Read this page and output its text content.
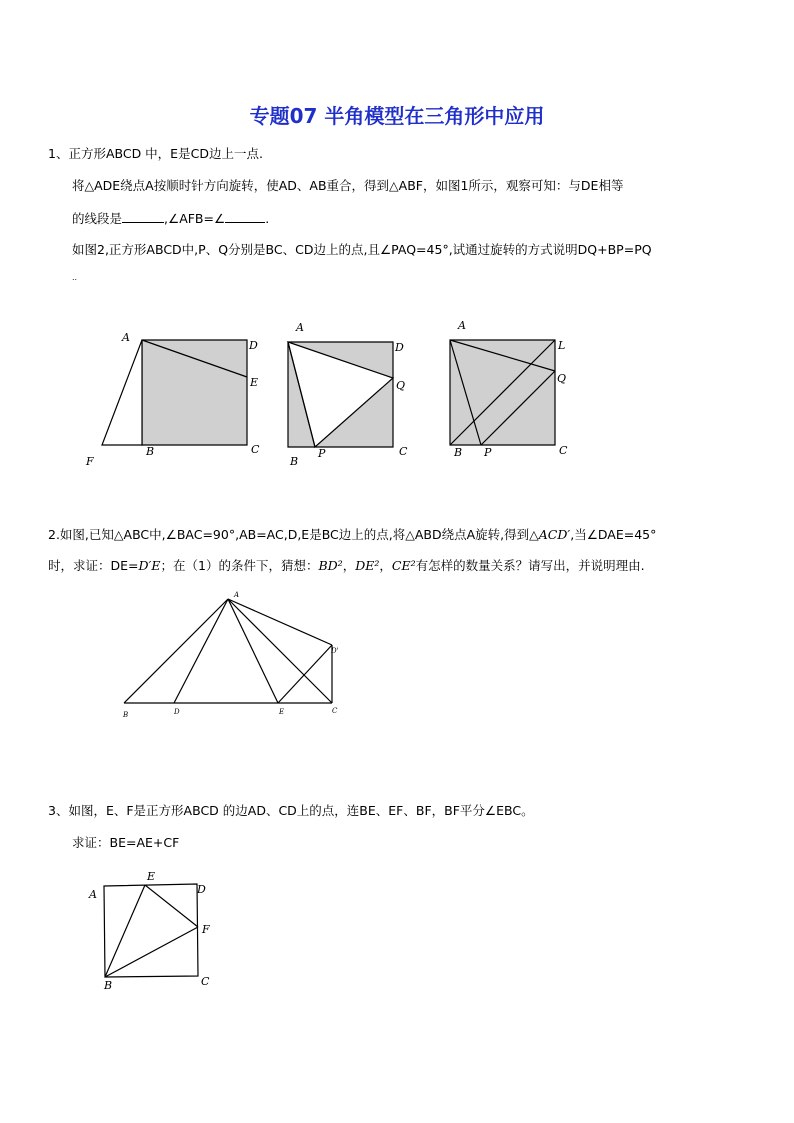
专题07 半角模型在三角形中应用
1、正方形ABCD 中，E是CD边上一点.
将△ADE绕点A按顺时针方向旋转，使AD、AB重合，得到△ABF，如图1所示，观察可知：与DE相等
的线段是	,∠AFB=∠	.
如图2,正方形ABCD中,P、Q分别是BC、CD边上的点,且∠PAQ=45°,试通过旋转的方式说明DQ+BP=PQ
..
A
D
E
F
B	C
A
D
Q
B
P	C
A
L
Q
B P	C
2.如图,已知△ABC中,∠BAC=90°,AB=AC,D,E是BC边上的点,将△ABD绕点A旋转,得到△ACD′,当∠DAE=45°
时，求证：DE=D′E；在（1）的条件下，猜想：BD²，DE²，CE²有怎样的数量关系？请写出，并说明理由.
A
B	D	E	C
D'
3、如图，E、F是正方形ABCD 的边AD、CD上的点，连BE、EF、BF，BF平分∠EBC。
求证：BE=AE+CF
A
E
D
F
B	C
